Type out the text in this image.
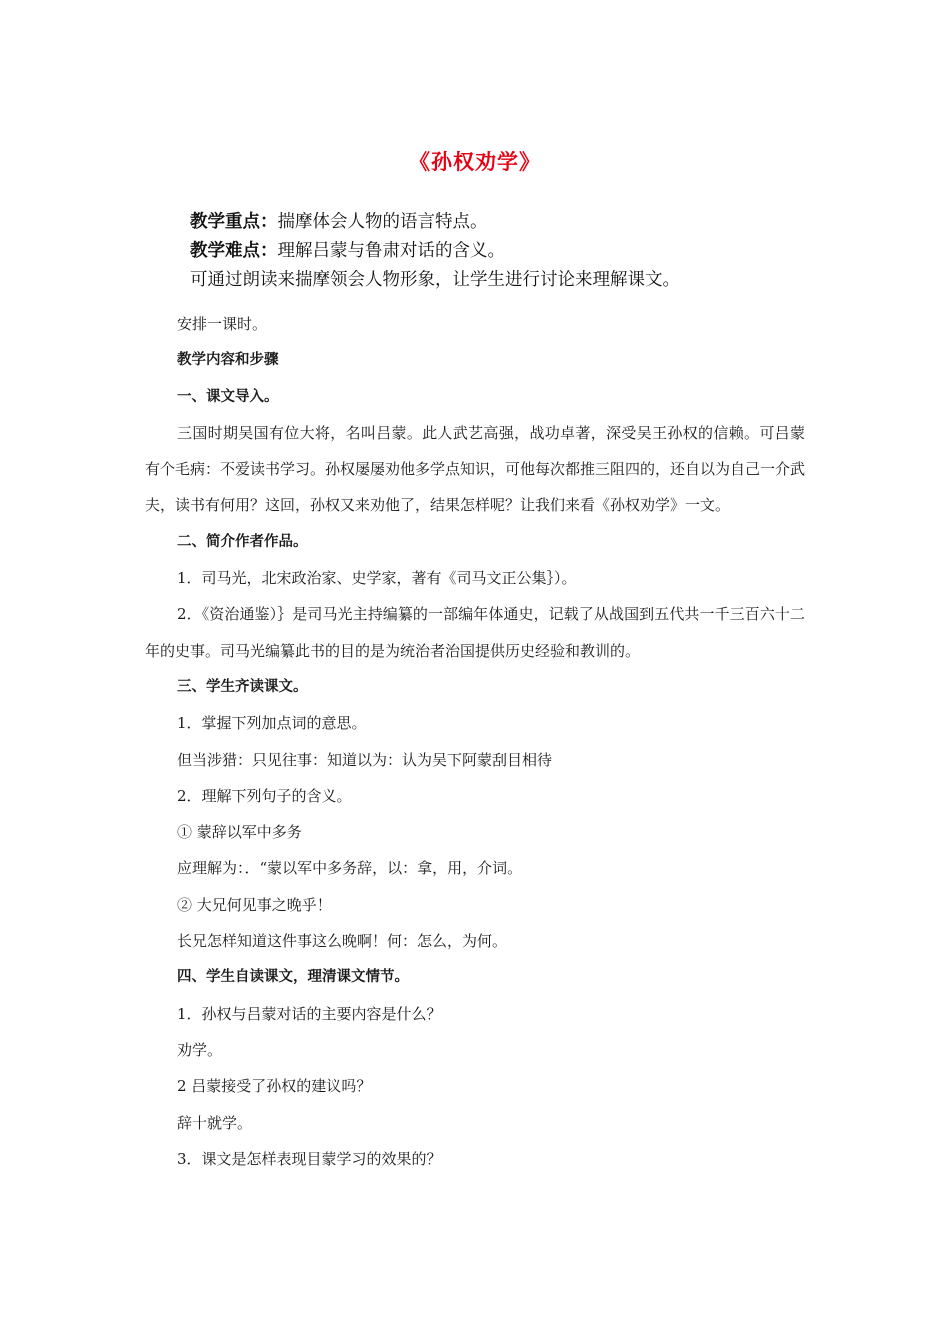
《孙权劝学》
教学重点：揣摩体会人物的语言特点。
教学难点：理解吕蒙与鲁肃对话的含义。
可通过朗读来揣摩领会人物形象，让学生进行讨论来理解课文。

安排一课时。

教学内容和步骤

一、课文导入。

三国时期吴国有位大将，名叫吕蒙。此人武艺高强，战功卓著，深受吴王孙权的信赖。可吕蒙有个毛病：不爱读书学习。孙权屡屡劝他多学点知识，可他每次都推三阻四的，还自以为自己一介武夫，读书有何用？这回，孙权又来劝他了，结果怎样呢？让我们来看《孙权劝学》一文。

二、简介作者作品。

1．司马光，北宋政治家、史学家，著有《司马文正公集｝）。

2．《资治通鉴）｝是司马光主持编纂的一部编年体通史，记载了从战国到五代共一千三百六十二年的史事。司马光编纂此书的目的是为统治者治国提供历史经验和教训的。

三、学生齐读课文。

1．掌握下列加点词的意思。

但当涉猎：只见往事：知道以为：认为吴下阿蒙刮目相待

2．理解下列句子的含义。

① 蒙辞以军中多务

应理解为：．“蒙以军中多务辞，以：拿，用，介词。

② 大兄何见事之晚乎！

长兄怎样知道这件事这么晚啊！何：怎么，为何。

四、学生自读课文，理清课文情节。

1．孙权与吕蒙对话的主要内容是什么？

劝学。

2 吕蒙接受了孙权的建议吗？

辞十就学。

3．课文是怎样表现目蒙学习的效果的？
